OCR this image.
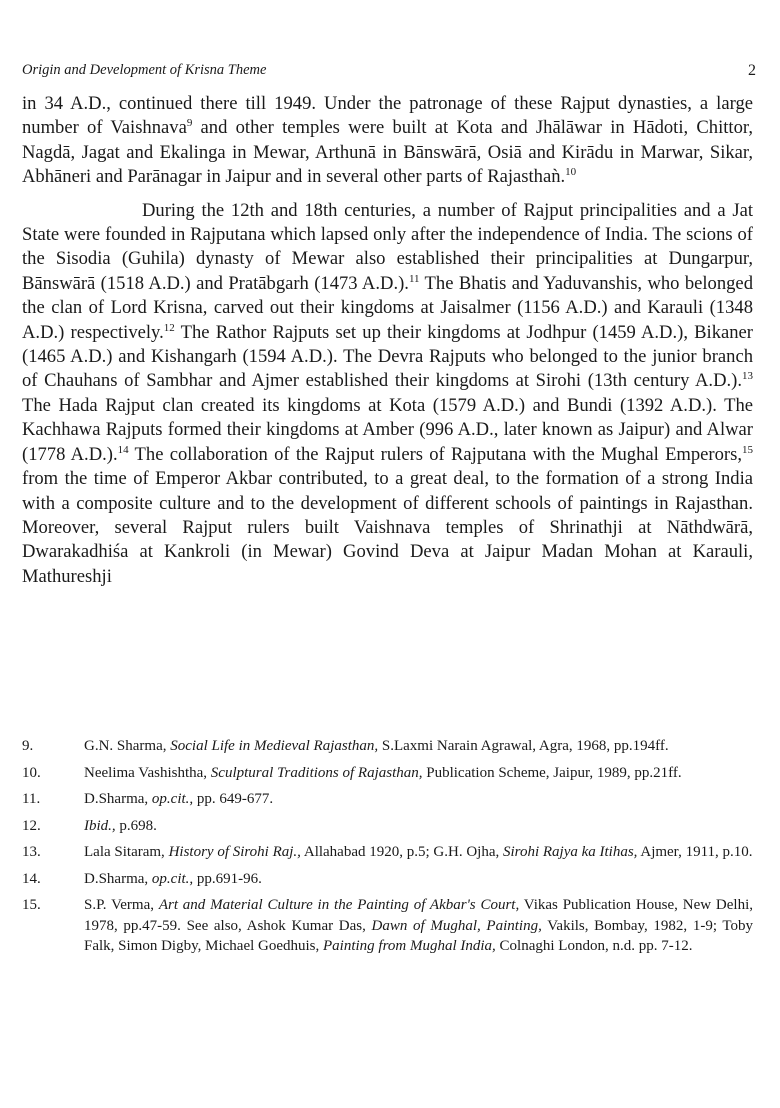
Origin and Development of Krisna Theme	2

in 34 A.D., continued there till 1949. Under the patronage of these Rajput dynasties, a large number of Vaishnava$^9$ and other temples were built at Kota and Jhālāwar in Hādoti, Chittor, Nagdā, Jagat and Ekalinga in Mewar, Arthunā in Bānswārā, Osiā and Kirādu in Marwar, Sikar, Abhāneri and Parānagar in Jaipur and in several other parts of Rajasthaǹ.$^{10}$

During the 12th and 18th centuries, a number of Rajput principalities and a Jat State were founded in Rajputana which lapsed only after the independence of India. The scions of the Sisodia (Guhila) dynasty of Mewar also established their principalities at Dungarpur, Bānswārā (1518 A.D.) and Pratābgarh (1473 A.D.).$^{11}$ The Bhatis and Yaduvanshis, who belonged the clan of Lord Krisna, carved out their kingdoms at Jaisalmer (1156 A.D.) and Karauli (1348 A.D.) respectively.$^{12}$ The Rathor Rajputs set up their kingdoms at Jodhpur (1459 A.D.), Bikaner (1465 A.D.) and Kishangarh (1594 A.D.). The Devra Rajputs who belonged to the junior branch of Chauhans of Sambhar and Ajmer established their kingdoms at Sirohi (13th century A.D.).$^{13}$ The Hada Rajput clan created its kingdoms at Kota (1579 A.D.) and Bundi (1392 A.D.). The Kachhawa Rajputs formed their kingdoms at Amber (996 A.D., later known as Jaipur) and Alwar (1778 A.D.).$^{14}$ The collaboration of the Rajput rulers of Rajputana with the Mughal Emperors,$^{15}$ from the time of Emperor Akbar contributed, to a great deal, to the formation of a strong India with a composite culture and to the development of different schools of paintings in Rajasthan. Moreover, several Rajput rulers built Vaishnava temples of Shrinathji at Nāthdwārā, Dwarakadhiśa at Kankroli (in Mewar) Govind Deva at Jaipur Madan Mohan at Karauli, Mathureshji

9.	G.N. Sharma, Social Life in Medieval Rajasthan, S.Laxmi Narain Agrawal, Agra, 1968, pp.194ff.
10.	Neelima Vashishtha, Sculptural Traditions of Rajasthan, Publication Scheme, Jaipur, 1989, pp.21ff.
11.	D.Sharma, op.cit., pp. 649-677.
12.	Ibid., p.698.
13.	Lala Sitaram, History of Sirohi Raj., Allahabad 1920, p.5; G.H. Ojha, Sirohi Rajya ka Itihas, Ajmer, 1911, p.10.
14.	D.Sharma, op.cit., pp.691-96.
15.	S.P. Verma, Art and Material Culture in the Painting of Akbar's Court, Vikas Publication House, New Delhi, 1978, pp.47-59. See also, Ashok Kumar Das, Dawn of Mughal, Painting, Vakils, Bombay, 1982, 1-9; Toby Falk, Simon Digby, Michael Goedhuis, Painting from Mughal India, Colnaghi London, n.d. pp. 7-12.
